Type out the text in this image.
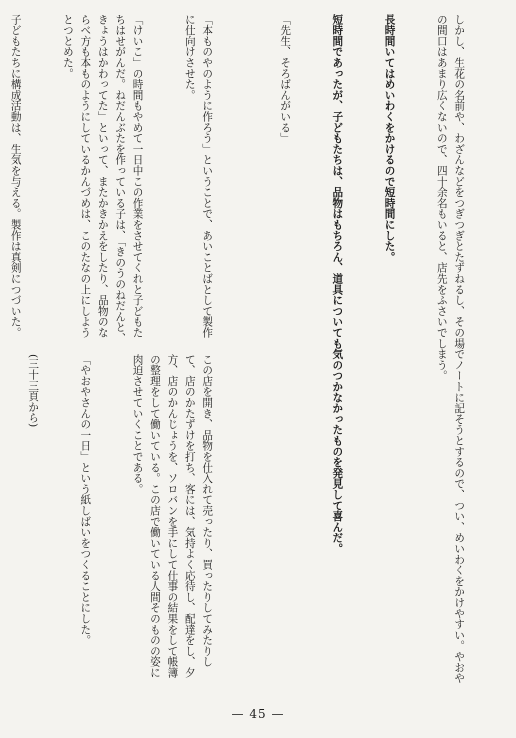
しかし、生花の名前や、わざんなどをつぎつぎとたずねるし、その場でノートに記そうとするので、つい、めいわくをかけやすい。やおやの間口はあまり広くないので、四十余名もいると、店先をふさいでしまう。

長時間いてはめいわくをかけるので短時間にした。

短時間であったが、子どもたちは、品物はもちろん、道具についても気のつかなかったものを発見して喜んだ。

「先生、そろばんがいる」

「本ものやのように作ろう」ということで、あいことばとして製作に仕向けさせた。

「けいこ」の時間もやめて一日中この作業をさせてくれと子どもたちはせがんだ。ねだんぶたを作っている子は、「きのうのねだんと、きょうはかわってた」といって、またかきかえをしたり、品物のならべ方も本ものようにしているかんづめは、このたなの上にしようとつとめた。

子どもたちに構成活動は、生気を与える。製作は真剣につづいた。

この店を開き、品物を仕入れて売ったり、買ったりしてみたりして、店のかたずけを打ち、客には、気持よく応待し、配達をし、夕方、店のかんじょうを、ソロバンを手にして仕事の結果をして帳簿の整理をして働いている。この店で働いている人間そのものの姿に肉迫させていくことである。

「やおやさんの一日」という紙しばいをつくることにした。

(三十三頁から)

— 45 —
